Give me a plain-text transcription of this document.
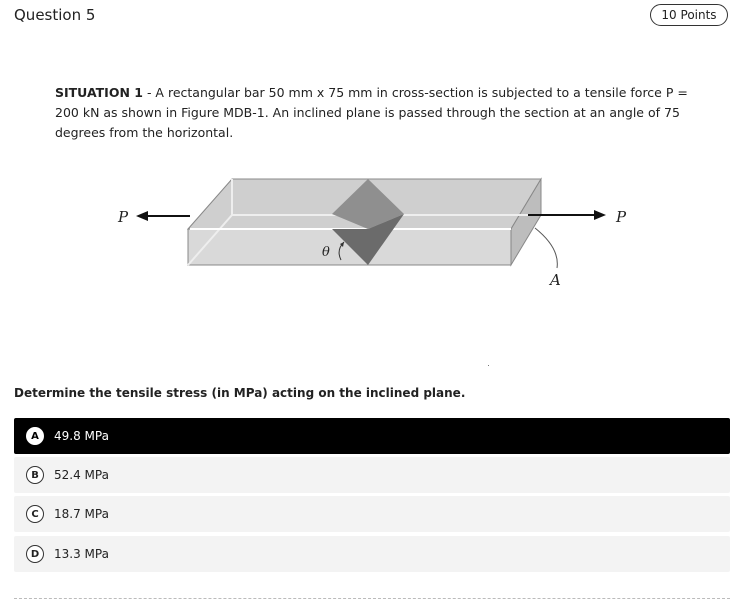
Question 5	10 Points
SITUATION 1 - A rectangular bar 50 mm x 75 mm in cross-section is subjected to a tensile force P = 200 kN as shown in Figure MDB-1. An inclined plane is passed through the section at an angle of 75 degrees from the horizontal.
θ
P	P
A
Determine the tensile stress (in MPa) acting on the inclined plane.
A	49.8 MPa
B	52.4 MPa
C	18.7 MPa
D	13.3 MPa
